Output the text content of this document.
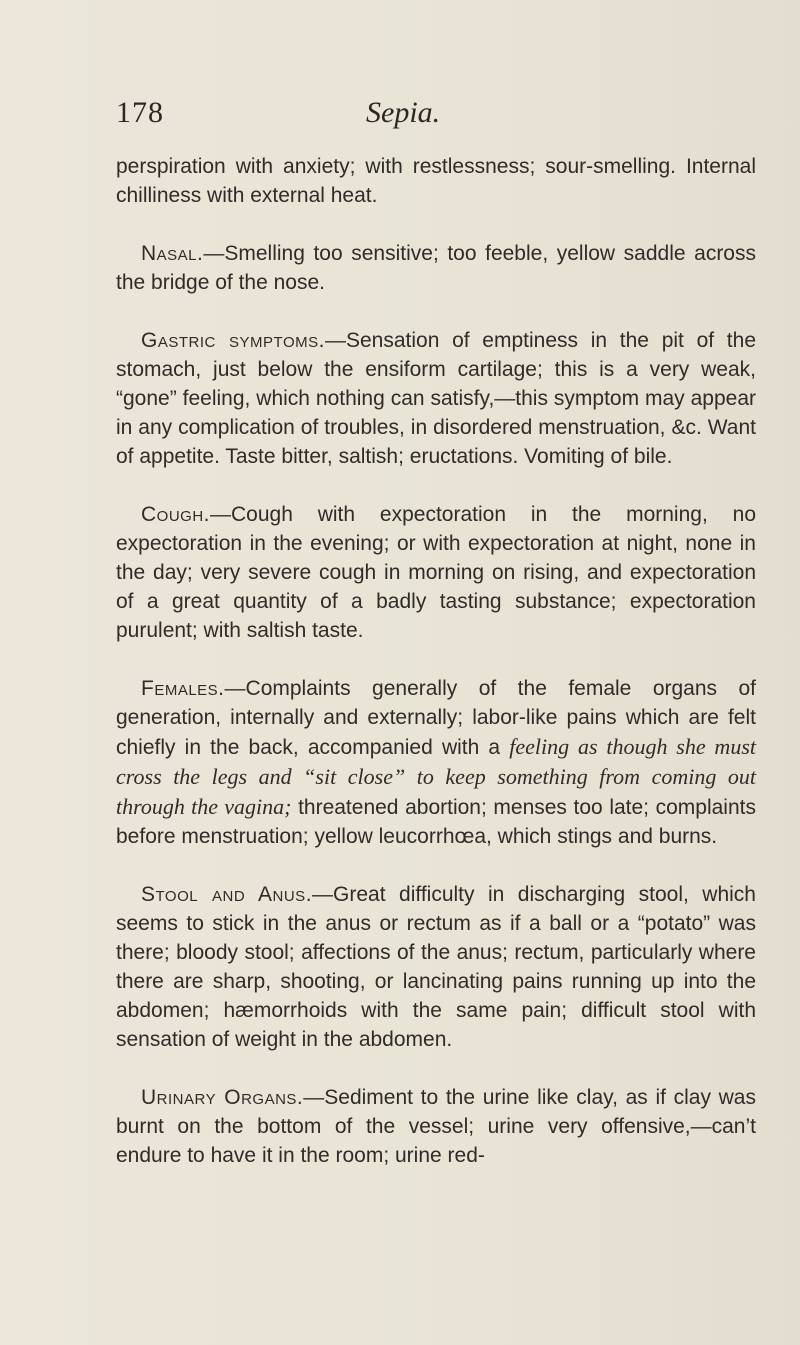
178	Sepia.

perspiration with anxiety; with restlessness; sour-smelling. Internal chilliness with external heat.

Nasal.—Smelling too sensitive; too feeble, yellow saddle across the bridge of the nose.

Gastric symptoms.—Sensation of emptiness in the pit of the stomach, just below the ensiform cartilage; this is a very weak, “gone” feeling, which nothing can satisfy,—this symptom may appear in any complication of troubles, in disordered menstruation, &c. Want of appetite. Taste bitter, saltish; eructations. Vomiting of bile.

Cough.—Cough with expectoration in the morning, no expectoration in the evening; or with expectoration at night, none in the day; very severe cough in morning on rising, and expectoration of a great quantity of a badly tasting substance; expectoration purulent; with saltish taste.

Females.—Complaints generally of the female organs of generation, internally and externally; labor-like pains which are felt chiefly in the back, accompanied with a feeling as though she must cross the legs and “sit close” to keep something from coming out through the vagina; threatened abortion; menses too late; complaints before menstruation; yellow leucorrhœa, which stings and burns.

Stool and Anus.—Great difficulty in discharging stool, which seems to stick in the anus or rectum as if a ball or a “potato” was there; bloody stool; affections of the anus; rectum, particularly where there are sharp, shooting, or lancinating pains running up into the abdomen; hæmorrhoids with the same pain; difficult stool with sensation of weight in the abdomen.

Urinary Organs.—Sediment to the urine like clay, as if clay was burnt on the bottom of the vessel; urine very offensive,—can’t endure to have it in the room; urine red-
